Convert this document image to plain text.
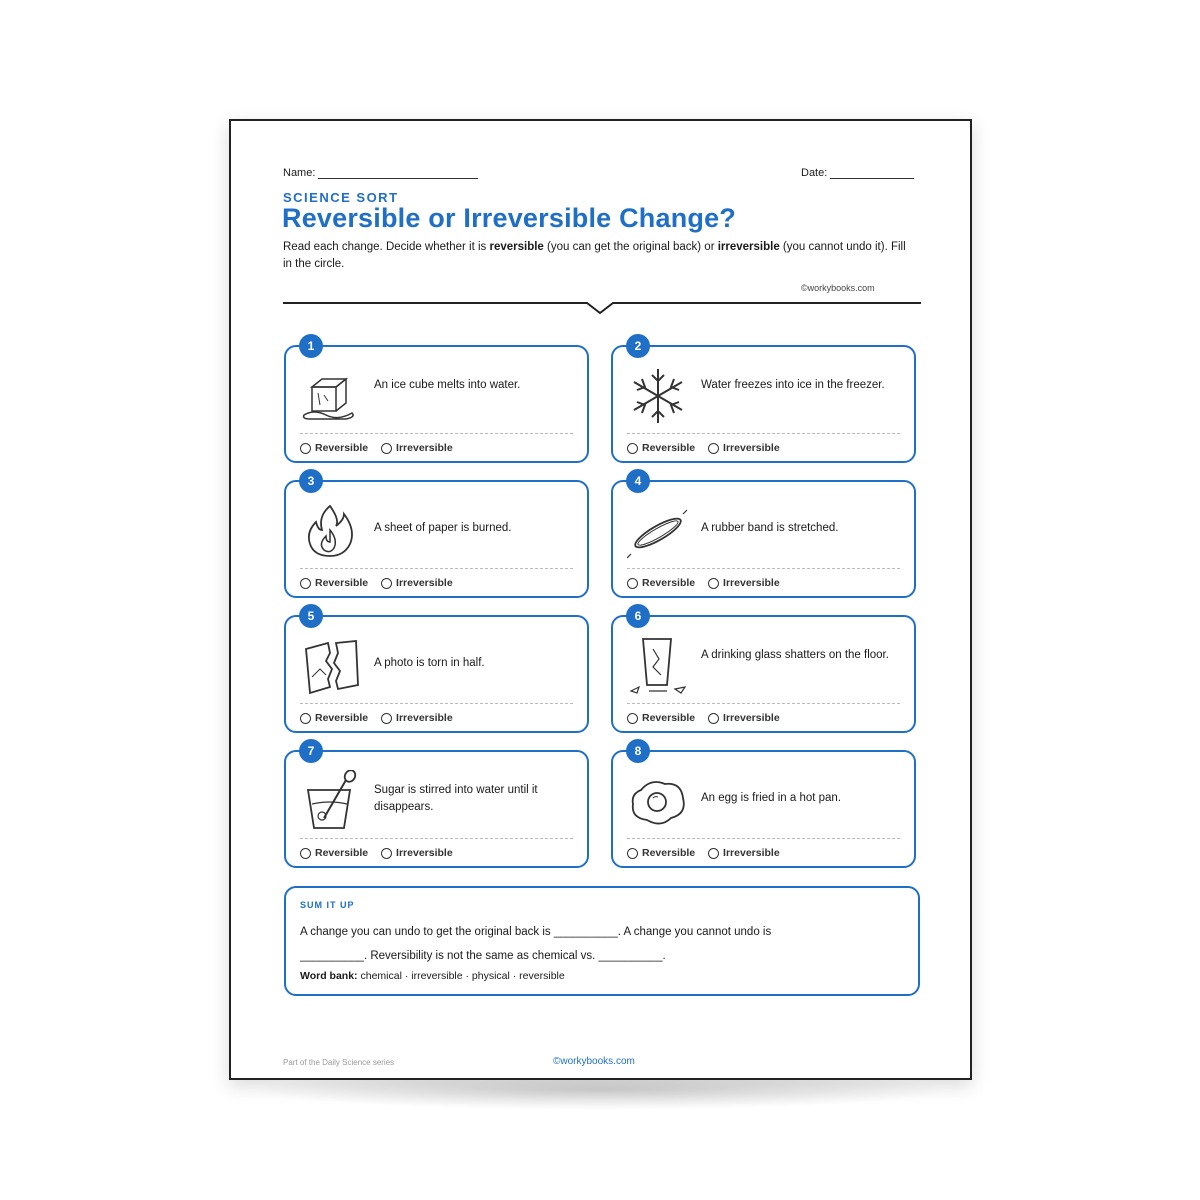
Name:	Date:
SCIENCE SORT
Reversible or Irreversible Change?
Read each change. Decide whether it is reversible (you can get the original back) or irreversible (you cannot undo it). Fill in the circle.
©workybooks.com
1
An ice cube melts into water.
Reversible
	Irreversible
2
Water freezes into ice in the freezer.
Reversible
	Irreversible
3
A sheet of paper is burned.
Reversible
	Irreversible
4
A rubber band is stretched.
Reversible
	Irreversible
5
A photo is torn in half.
Reversible
	Irreversible
6
A drinking glass shatters on the floor.
Reversible
	Irreversible
7
Sugar is stirred into water until it disappears.
Reversible
	Irreversible
8
An egg is fried in a hot pan.
Reversible
	Irreversible
SUM IT UP
A change you can undo to get the original back is __________. A change you cannot undo is
__________. Reversibility is not the same as chemical vs. __________.
Word bank: chemical · irreversible · physical · reversible
Part of the Daily Science series	©workybooks.com
